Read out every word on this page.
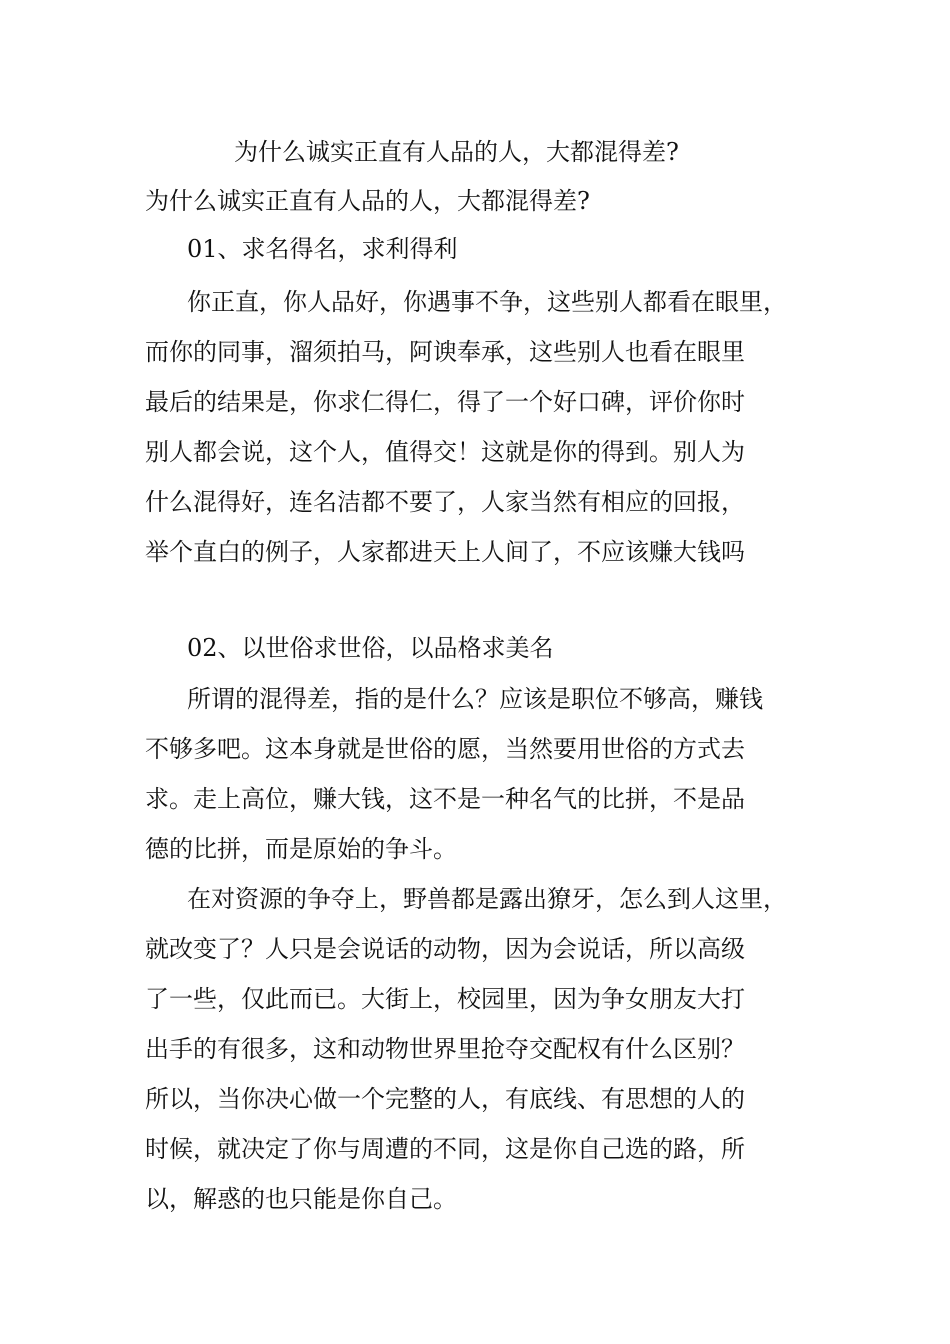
为什么诚实正直有人品的人，大都混得差?

为什么诚实正直有人品的人，大都混得差?

01、求名得名，求利得利

你正直，你人品好，你遇事不争，这些别人都看在眼里，

而你的同事，溜须拍马，阿谀奉承，这些别人也看在眼里

最后的结果是，你求仁得仁，得了一个好口碑，评价你时

别人都会说，这个人，值得交！这就是你的得到。别人为

什么混得好，连名洁都不要了，人家当然有相应的回报，

举个直白的例子，人家都进天上人间了，不应该赚大钱吗

02、以世俗求世俗，以品格求美名

所谓的混得差，指的是什么？应该是职位不够高，赚钱

不够多吧。这本身就是世俗的愿，当然要用世俗的方式去

求。走上高位，赚大钱，这不是一种名气的比拼，不是品

德的比拼，而是原始的争斗。

在对资源的争夺上，野兽都是露出獠牙，怎么到人这里，

就改变了？人只是会说话的动物，因为会说话，所以高级

了一些，仅此而已。大街上，校园里，因为争女朋友大打

出手的有很多，这和动物世界里抢夺交配权有什么区别？

所以，当你决心做一个完整的人，有底线、有思想的人的

时候，就决定了你与周遭的不同，这是你自己选的路，所

以，解惑的也只能是你自己。
